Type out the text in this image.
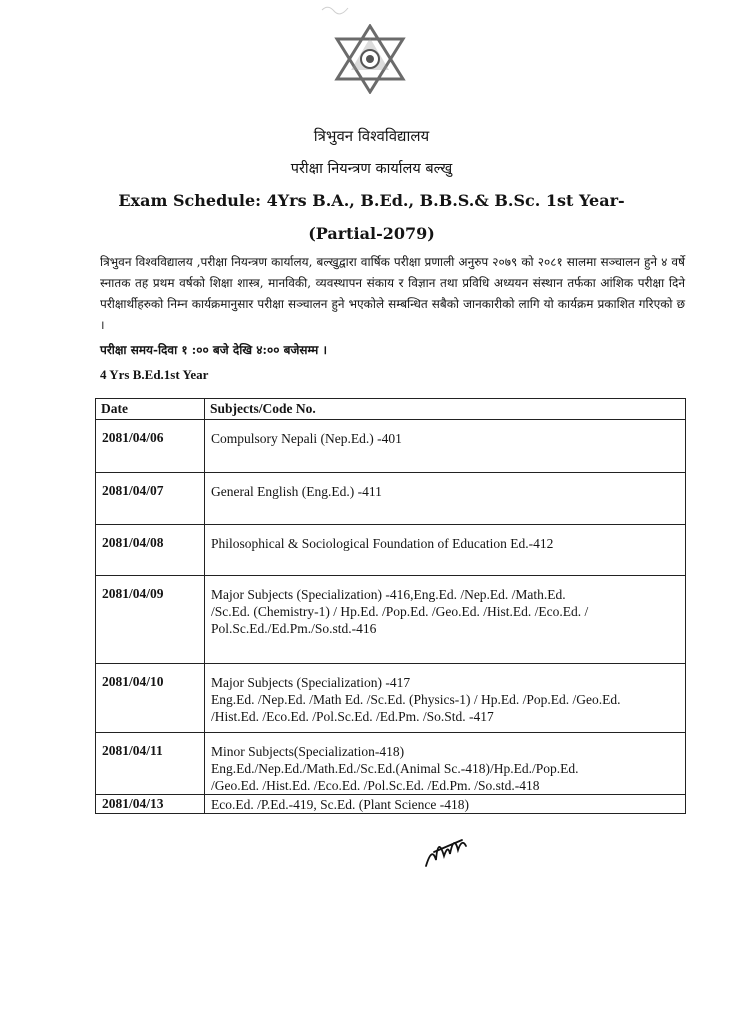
त्रिभुवन विश्वविद्यालय
परीक्षा नियन्त्रण कार्यालय बल्खु
Exam Schedule: 4Yrs B.A., B.Ed., B.B.S.& B.Sc. 1st Year-
(Partial-2079)
त्रिभुवन विश्वविद्यालय ,परीक्षा नियन्त्रण कार्यालय, बल्खुद्वारा वार्षिक परीक्षा प्रणाली अनुरुप २०७९ को २०८१ सालमा सञ्चालन हुने ४ वर्षे स्नातक तह प्रथम वर्षको शिक्षा शास्त्र, मानविकी, व्यवस्थापन संकाय र विज्ञान तथा प्रविधि अध्ययन संस्थान तर्फका आंशिक परीक्षा दिने परीक्षार्थीहरुको निम्न कार्यक्रमानुसार परीक्षा सञ्चालन हुने भएकोले सम्बन्धित सबैको जानकारीको लागि यो कार्यक्रम प्रकाशित गरिएको छ ।
परीक्षा समय-दिवा १ :०० बजे देखि ४:०० बजेसम्म ।
4 Yrs B.Ed.1st Year
Date	Subjects/Code No.
2081/04/06	Compulsory Nepali (Nep.Ed.) -401

2081/04/07	General English (Eng.Ed.) -411

2081/04/08	Philosophical & Sociological Foundation of Education Ed.-412

2081/04/09	Major Subjects (Specialization) -416,Eng.Ed. /Nep.Ed. /Math.Ed.
/Sc.Ed. (Chemistry-1) / Hp.Ed. /Pop.Ed. /Geo.Ed. /Hist.Ed. /Eco.Ed. /
Pol.Sc.Ed./Ed.Pm./So.std.-416

2081/04/10	Major Subjects (Specialization) -417
Eng.Ed. /Nep.Ed. /Math Ed. /Sc.Ed. (Physics-1) / Hp.Ed. /Pop.Ed. /Geo.Ed.
/Hist.Ed. /Eco.Ed. /Pol.Sc.Ed. /Ed.Pm. /So.Std. -417

2081/04/11	Minor Subjects(Specialization-418)
Eng.Ed./Nep.Ed./Math.Ed./Sc.Ed.(Animal Sc.-418)/Hp.Ed./Pop.Ed.
/Geo.Ed. /Hist.Ed. /Eco.Ed. /Pol.Sc.Ed. /Ed.Pm. /So.std.-418

2081/04/13	Eco.Ed. /P.Ed.-419, Sc.Ed. (Plant Science -418)
